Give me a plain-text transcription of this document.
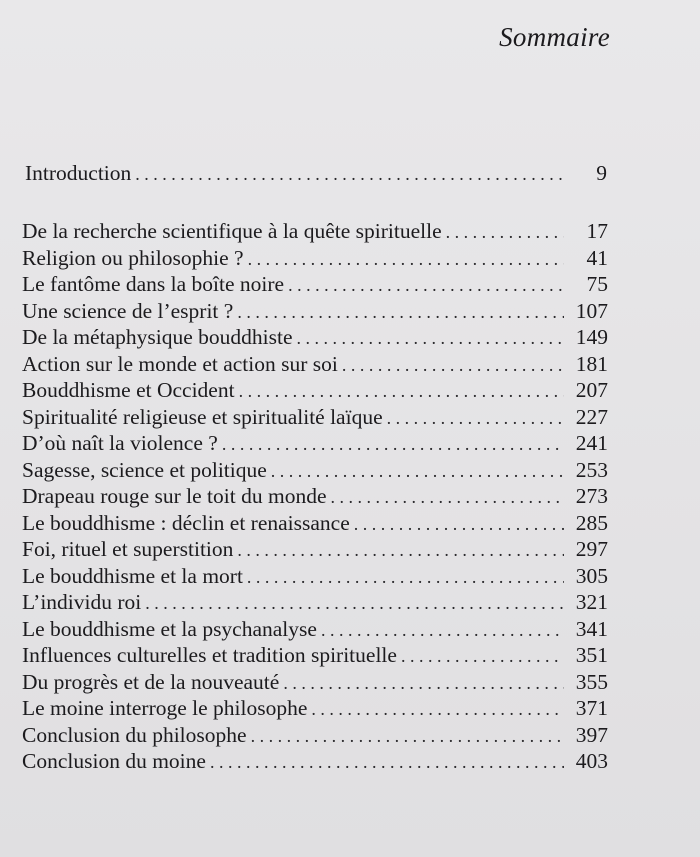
Sommaire
Introduction . . .	9
De la recherche scientifique à la quête spirituelle . . .	17
Religion ou philosophie ? . . .	41
Le fantôme dans la boîte noire . . .	75
Une science de l’esprit ? . . .	107
De la métaphysique bouddhiste . . .	149
Action sur le monde et action sur soi . . .	181
Bouddhisme et Occident . . .	207
Spiritualité religieuse et spiritualité laïque . . .	227
D’où naît la violence ? . . .	241
Sagesse, science et politique . . .	253
Drapeau rouge sur le toit du monde . . .	273
Le bouddhisme : déclin et renaissance . . .	285
Foi, rituel et superstition . . .	297
Le bouddhisme et la mort . . .	305
L’individu roi . . .	321
Le bouddhisme et la psychanalyse . . .	341
Influences culturelles et tradition spirituelle . . .	351
Du progrès et de la nouveauté . . .	355
Le moine interroge le philosophe . . .	371
Conclusion du philosophe . . .	397
Conclusion du moine . . .	403
